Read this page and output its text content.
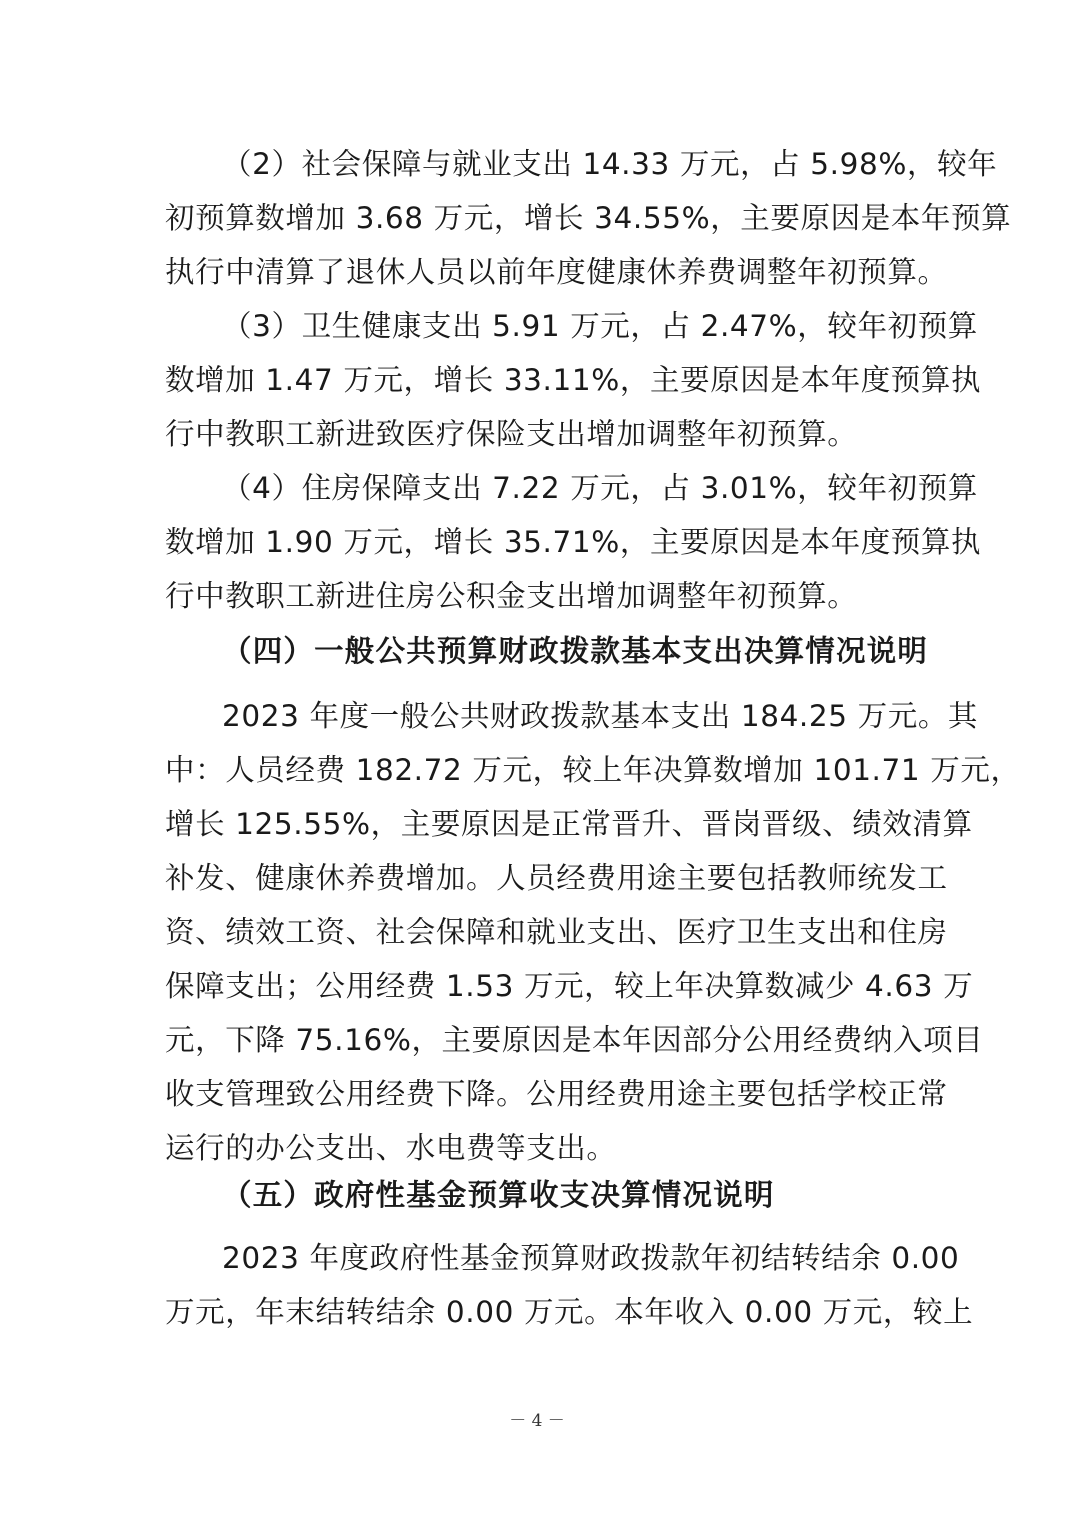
（2）社会保障与就业支出 14.33 万元，占 5.98%，较年
初预算数增加 3.68 万元，增长 34.55%，主要原因是本年预算
执行中清算了退休人员以前年度健康休养费调整年初预算。
（3）卫生健康支出 5.91 万元，占 2.47%，较年初预算
数增加 1.47 万元，增长 33.11%，主要原因是本年度预算执
行中教职工新进致医疗保险支出增加调整年初预算。
（4）住房保障支出 7.22 万元，占 3.01%，较年初预算
数增加 1.90 万元，增长 35.71%，主要原因是本年度预算执
行中教职工新进住房公积金支出增加调整年初预算。
（四）一般公共预算财政拨款基本支出决算情况说明
2023 年度一般公共财政拨款基本支出 184.25 万元。其
中：人员经费 182.72 万元，较上年决算数增加 101.71 万元，
增长 125.55%，主要原因是正常晋升、晋岗晋级、绩效清算
补发、健康休养费增加。人员经费用途主要包括教师统发工
资、绩效工资、社会保障和就业支出、医疗卫生支出和住房
保障支出；公用经费 1.53 万元，较上年决算数减少 4.63 万
元，下降 75.16%，主要原因是本年因部分公用经费纳入项目
收支管理致公用经费下降。公用经费用途主要包括学校正常
运行的办公支出、水电费等支出。
（五）政府性基金预算收支决算情况说明
2023 年度政府性基金预算财政拨款年初结转结余 0.00
万元，年末结转结余 0.00 万元。本年收入 0.00 万元，较上
－ 4 －
